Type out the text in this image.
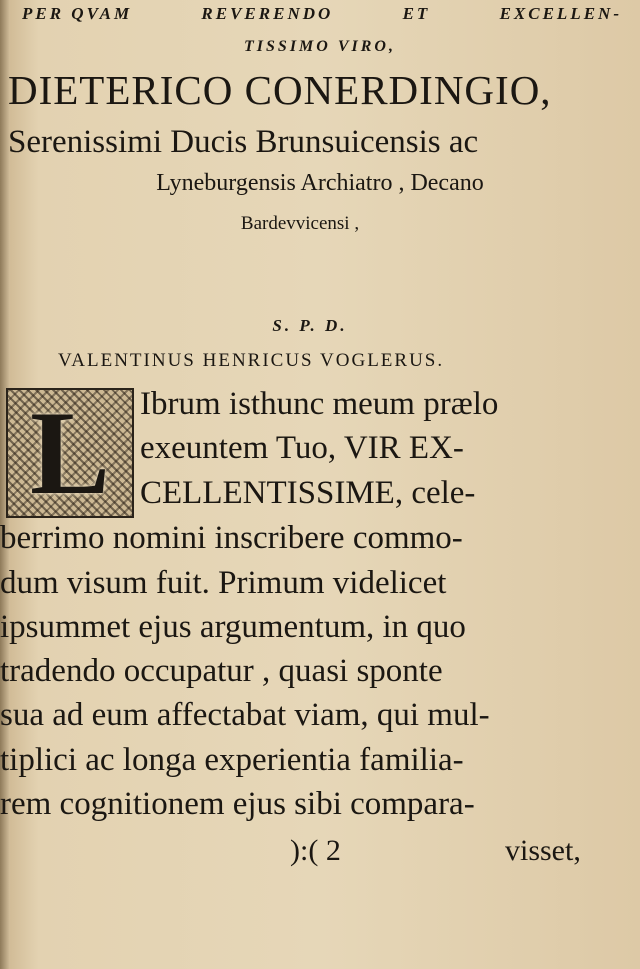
PER QVAM	REVERENDO	ET	EXCELLEN-
TISSIMO VIRO,
DIETERICO CONERDINGIO,
Serenissimi Ducis Brunsuicensis ac
Lyneburgensis Archiatro , Decano
Bardevvicensi ,
S. P. D.
VALENTINUS HENRICUS VOGLERUS.
L Ibrum isthunc meum prælo
exeuntem Tuo, VIR EX-
CELLENTISSIME, cele-
berrimo nomini inscribere commo-
dum visum fuit. Primum videlicet
ipsummet ejus argumentum, in quo
tradendo occupatur , quasi sponte
sua ad eum affectabat viam, qui mul-
tiplici ac longa experientia familia-
rem cognitionem ejus sibi compara-
):( 2	visset,
